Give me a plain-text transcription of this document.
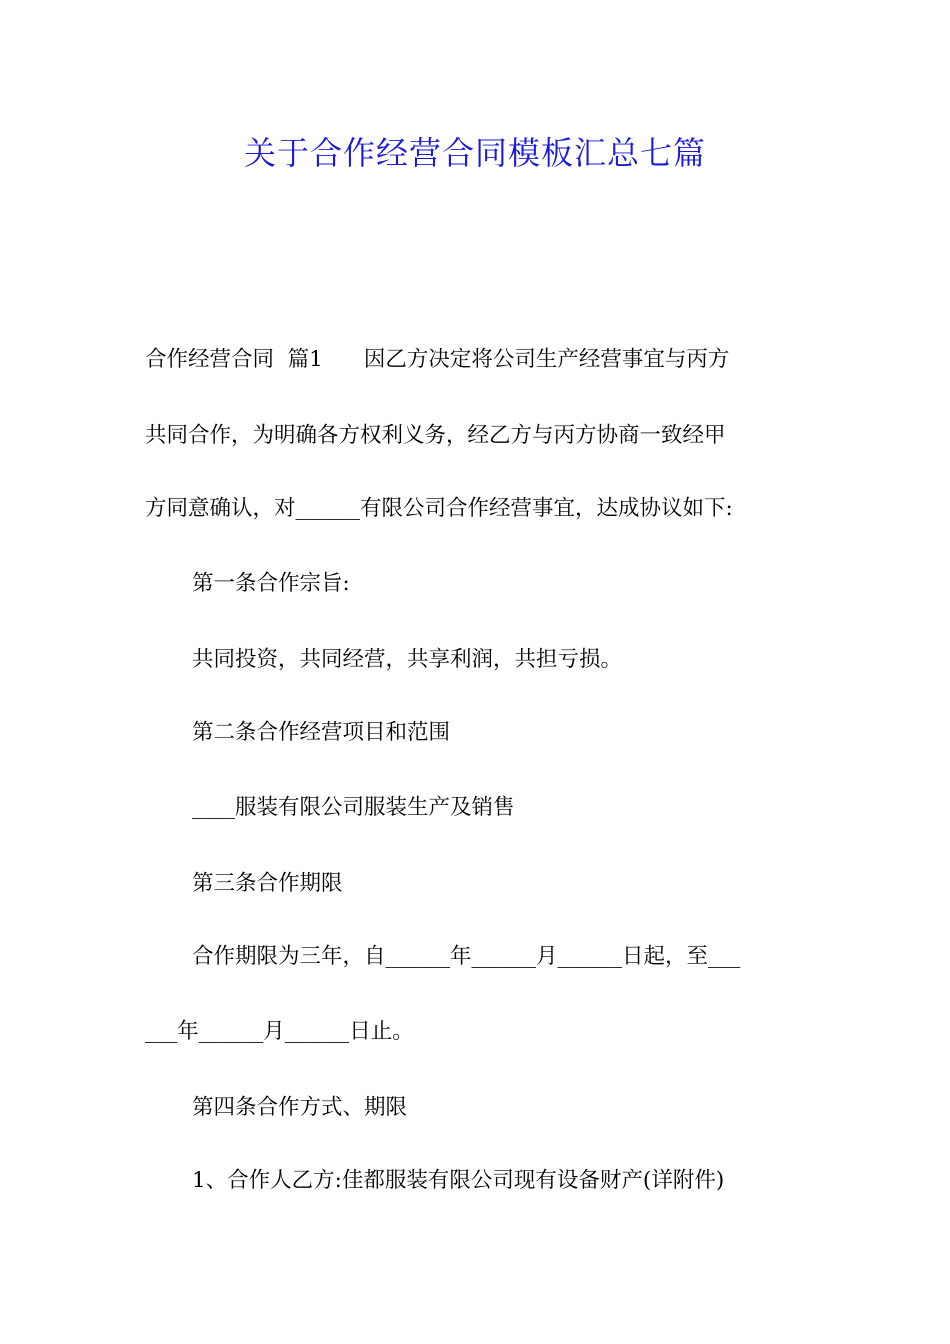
关于合作经营合同模板汇总七篇
合作经营合同  篇1      因乙方决定将公司生产经营事宜与丙方
共同合作，为明确各方权利义务，经乙方与丙方协商一致经甲
方同意确认，对______有限公司合作经营事宜，达成协议如下:
第一条合作宗旨:
共同投资，共同经营，共享利润，共担亏损。
第二条合作经营项目和范围
____服装有限公司服装生产及销售
第三条合作期限
合作期限为三年，自______年______月______日起，至___
___年______月______日止。
第四条合作方式、期限
1、合作人乙方:佳都服装有限公司现有设备财产(详附件)
